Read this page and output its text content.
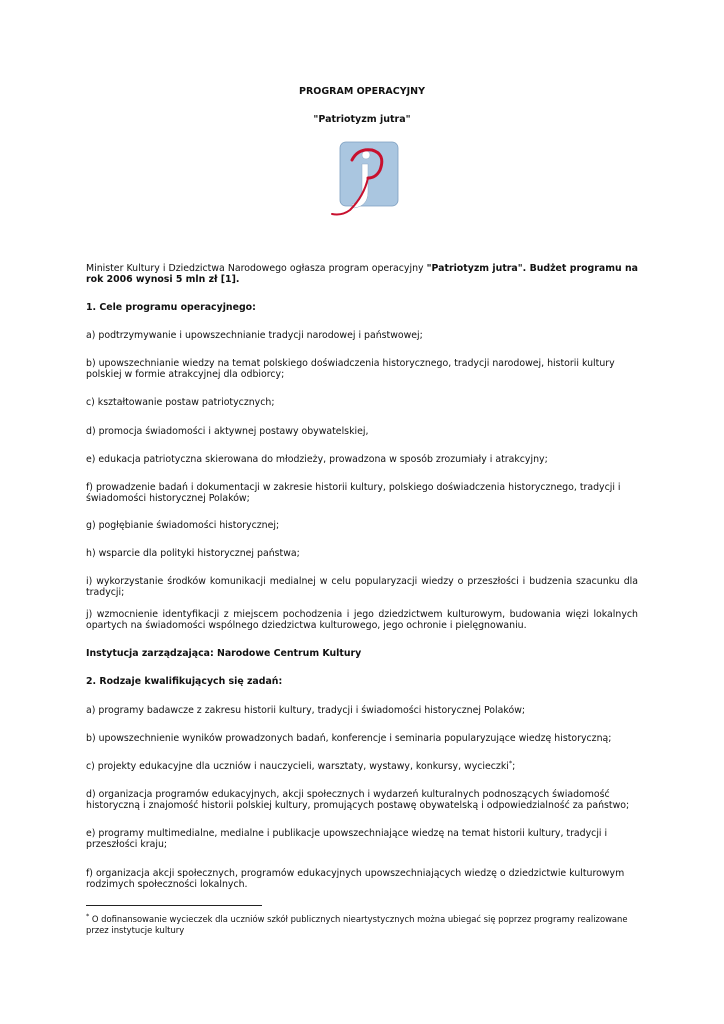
PROGRAM OPERACYJNY
"Patriotyzm jutra"

Minister Kultury i Dziedzictwa Narodowego ogłasza program operacyjny "Patriotyzm jutra". Budżet programu na rok 2006 wynosi 5 mln zł [1].

1. Cele programu operacyjnego:

a) podtrzymywanie i upowszechnianie tradycji narodowej i państwowej;

b) upowszechnianie wiedzy na temat polskiego doświadczenia historycznego, tradycji narodowej, historii kultury polskiej w formie atrakcyjnej dla odbiorcy;

c) kształtowanie postaw patriotycznych;

d) promocja świadomości i aktywnej postawy obywatelskiej,

e) edukacja patriotyczna skierowana do młodzieży, prowadzona w sposób zrozumiały i atrakcyjny;

f) prowadzenie badań i dokumentacji w zakresie historii kultury, polskiego doświadczenia historycznego, tradycji i świadomości historycznej Polaków;

g) pogłębianie świadomości historycznej;

h) wsparcie dla polityki historycznej państwa;

i) wykorzystanie środków komunikacji medialnej w celu popularyzacji wiedzy o przeszłości i budzenia szacunku dla tradycji;

j) wzmocnienie identyfikacji z miejscem pochodzenia i jego dziedzictwem kulturowym, budowania więzi lokalnych opartych na świadomości wspólnego dziedzictwa kulturowego, jego ochronie i pielęgnowaniu.

Instytucja zarządzająca: Narodowe Centrum Kultury

2. Rodzaje kwalifikujących się zadań:

a) programy badawcze z zakresu historii kultury, tradycji i świadomości historycznej Polaków;

b) upowszechnienie wyników prowadzonych badań, konferencje i seminaria popularyzujące wiedzę historyczną;

c) projekty edukacyjne dla uczniów i nauczycieli, warsztaty, wystawy, konkursy, wycieczki*;

d) organizacja programów edukacyjnych, akcji społecznych i wydarzeń kulturalnych podnoszących świadomość historyczną i znajomość historii polskiej kultury, promujących postawę obywatelską i odpowiedzialność za państwo;

e) programy multimedialne, medialne i publikacje upowszechniające wiedzę na temat historii kultury, tradycji i przeszłości kraju;

f) organizacja akcji społecznych, programów edukacyjnych upowszechniających wiedzę o dziedzictwie kulturowym rodzimych społeczności lokalnych.

* O dofinansowanie wycieczek dla uczniów szkół publicznych nieartystycznych można ubiegać się poprzez programy realizowane przez instytucje kultury
